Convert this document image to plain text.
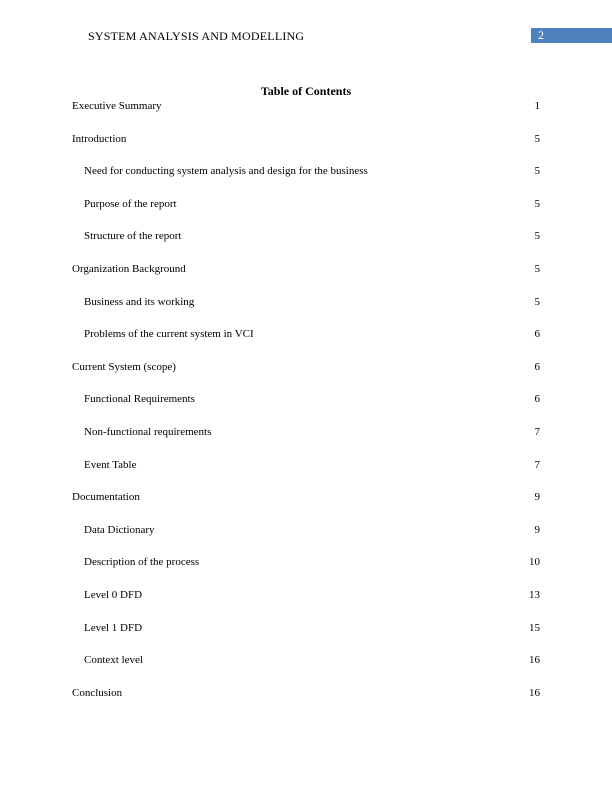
SYSTEM ANALYSIS AND MODELLING	2
Table of Contents
Executive Summary	1
Introduction	5
Need for conducting system analysis and design for the business	5
Purpose of the report	5
Structure of the report	5
Organization Background	5
Business and its working	5
Problems of the current system in VCI	6
Current System (scope)	6
Functional Requirements	6
Non-functional requirements	7
Event Table	7
Documentation	9
Data Dictionary	9
Description of the process	10
Level 0 DFD	13
Level 1 DFD	15
Context level	16
Conclusion	16
